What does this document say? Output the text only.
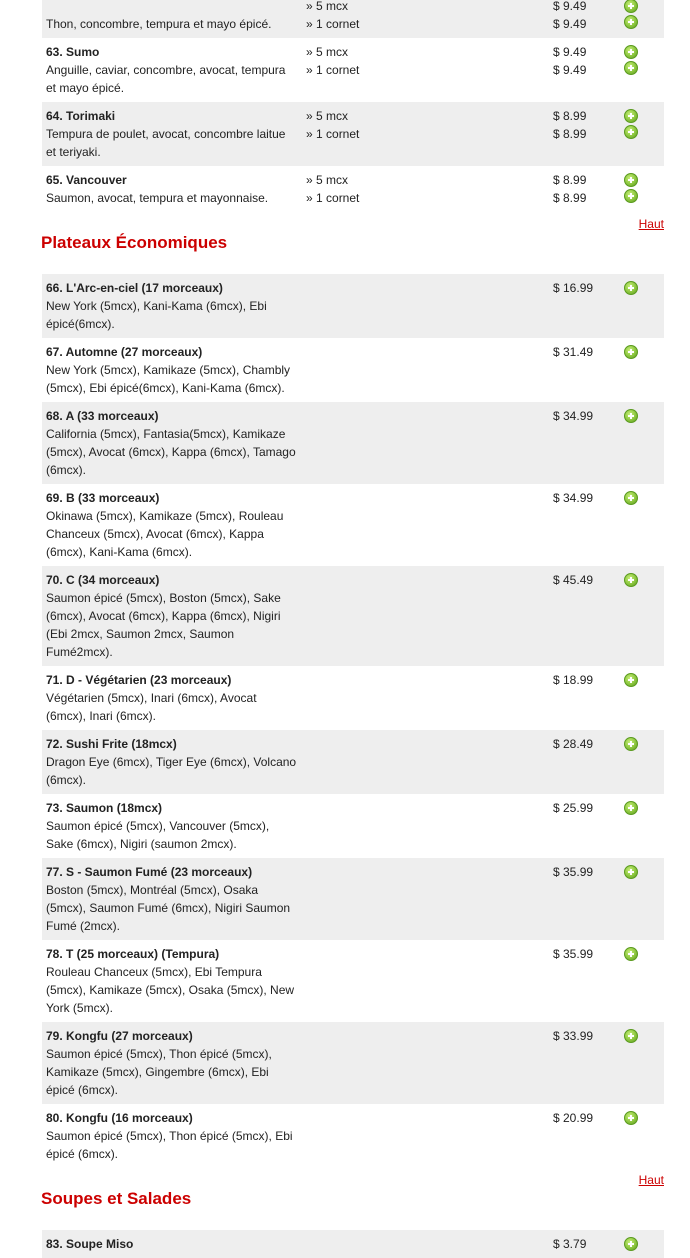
Thon, concombre, tempura et mayo épicé.
» 5 mcx
» 1 cornet
$ 9.49
$ 9.49
63. Sumo
Anguille, caviar, concombre, avocat, tempura et mayo épicé.
» 5 mcx
» 1 cornet
$ 9.49
$ 9.49
64. Torimaki
Tempura de poulet, avocat, concombre laitue et teriyaki.
» 5 mcx
» 1 cornet
$ 8.99
$ 8.99
65. Vancouver
Saumon, avocat, tempura et mayonnaise.
» 5 mcx
» 1 cornet
$ 8.99
$ 8.99
Haut
Plateaux Économiques
66. L'Arc-en-ciel (17 morceaux)
New York (5mcx), Kani-Kama (6mcx), Ebi épicé(6mcx).
$ 16.99
67. Automne (27 morceaux)
New York (5mcx), Kamikaze (5mcx), Chambly (5mcx), Ebi épicé(6mcx), Kani-Kama (6mcx).
$ 31.49
68. A (33 morceaux)
California (5mcx), Fantasia(5mcx), Kamikaze (5mcx), Avocat (6mcx), Kappa (6mcx), Tamago (6mcx).
$ 34.99
69. B (33 morceaux)
Okinawa (5mcx), Kamikaze (5mcx), Rouleau Chanceux (5mcx), Avocat (6mcx), Kappa (6mcx), Kani-Kama (6mcx).
$ 34.99
70. C (34 morceaux)
Saumon épicé (5mcx), Boston (5mcx), Sake (6mcx), Avocat (6mcx), Kappa (6mcx), Nigiri (Ebi 2mcx, Saumon 2mcx, Saumon Fumé2mcx).
$ 45.49
71. D - Végétarien (23 morceaux)
Végétarien (5mcx), Inari (6mcx), Avocat (6mcx), Inari (6mcx).
$ 18.99
72. Sushi Frite (18mcx)
Dragon Eye (6mcx), Tiger Eye (6mcx), Volcano (6mcx).
$ 28.49
73. Saumon (18mcx)
Saumon épicé (5mcx), Vancouver (5mcx), Sake (6mcx), Nigiri (saumon 2mcx).
$ 25.99
77. S - Saumon Fumé (23 morceaux)
Boston (5mcx), Montréal (5mcx), Osaka (5mcx), Saumon Fumé (6mcx), Nigiri Saumon Fumé (2mcx).
$ 35.99
78. T (25 morceaux) (Tempura)
Rouleau Chanceux (5mcx), Ebi Tempura (5mcx), Kamikaze (5mcx), Osaka (5mcx), New York (5mcx).
$ 35.99
79. Kongfu (27 morceaux)
Saumon épicé (5mcx), Thon épicé (5mcx), Kamikaze (5mcx), Gingembre (6mcx), Ebi épicé (6mcx).
$ 33.99
80. Kongfu (16 morceaux)
Saumon épicé (5mcx), Thon épicé (5mcx), Ebi épicé (6mcx).
$ 20.99
Haut
Soupes et Salades
83. Soupe Miso	$ 3.79
